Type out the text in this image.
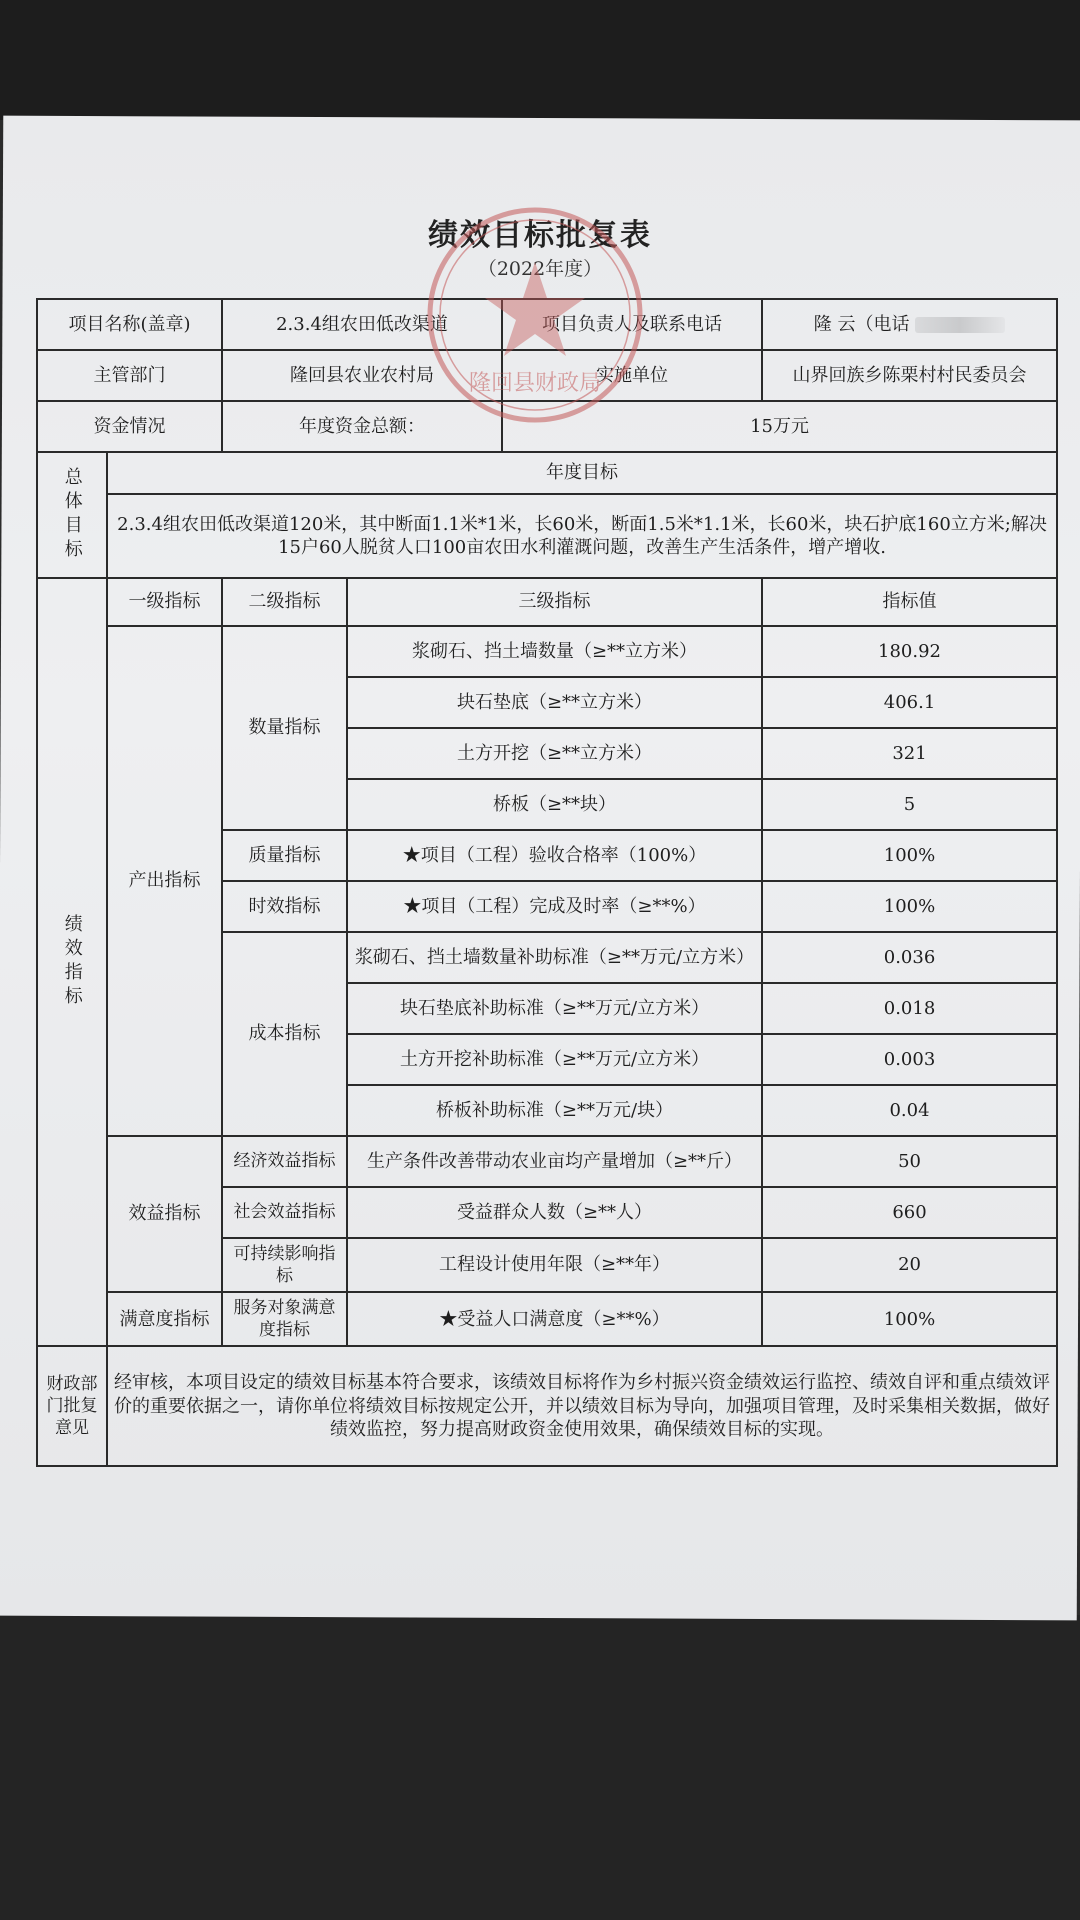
绩效目标批复表
（2022年度）
项目名称(盖章)		2.3.4组农田低改渠道		项目负责人及联系电话	隆 云（电话
主管部门		隆回县农业农村局		实施单位	山界回族乡陈栗村村民委员会
资金情况		年度资金总额：		15万元	
总体目标	年度目标				
	2.3.4组农田低改渠道120米，其中断面1.1米*1米，长60米，断面1.5米*1.1米，长60米，块石护底160立方米;解决15户60人脱贫人口100亩农田水利灌溉问题，改善生产生活条件，增产增收.				
绩效指标	一级指标	二级指标	三级指标		指标值
	产出指标	数量指标	浆砌石、挡土墙数量（≥**立方米）		180.92
			块石垫底（≥**立方米）		406.1
			土方开挖（≥**立方米）		321
			桥板（≥**块）		5
		质量指标	★项目（工程）验收合格率（100%）		100%
		时效指标	★项目（工程）完成及时率（≥**%）		100%
		成本指标	浆砌石、挡土墙数量补助标准（≥**万元/立方米）		0.036
			块石垫底补助标准（≥**万元/立方米）		0.018
			土方开挖补助标准（≥**万元/立方米）		0.003
			桥板补助标准（≥**万元/块）		0.04
	效益指标	经济效益指标	生产条件改善带动农业亩均产量增加（≥**斤）		50
		社会效益指标	受益群众人数（≥**人）		660
		可持续影响指标	工程设计使用年限（≥**年）		20
	满意度指标	服务对象满意度指标	★受益人口满意度（≥**%）		100%
财政部门批复意见	经审核，本项目设定的绩效目标基本符合要求，该绩效目标将作为乡村振兴资金绩效运行监控、绩效自评和重点绩效评价的重要依据之一，请你单位将绩效目标按规定公开，并以绩效目标为导向，加强项目管理，及时采集相关数据，做好绩效监控，努力提高财政资金使用效果，确保绩效目标的实现。				
隆回县财政局
